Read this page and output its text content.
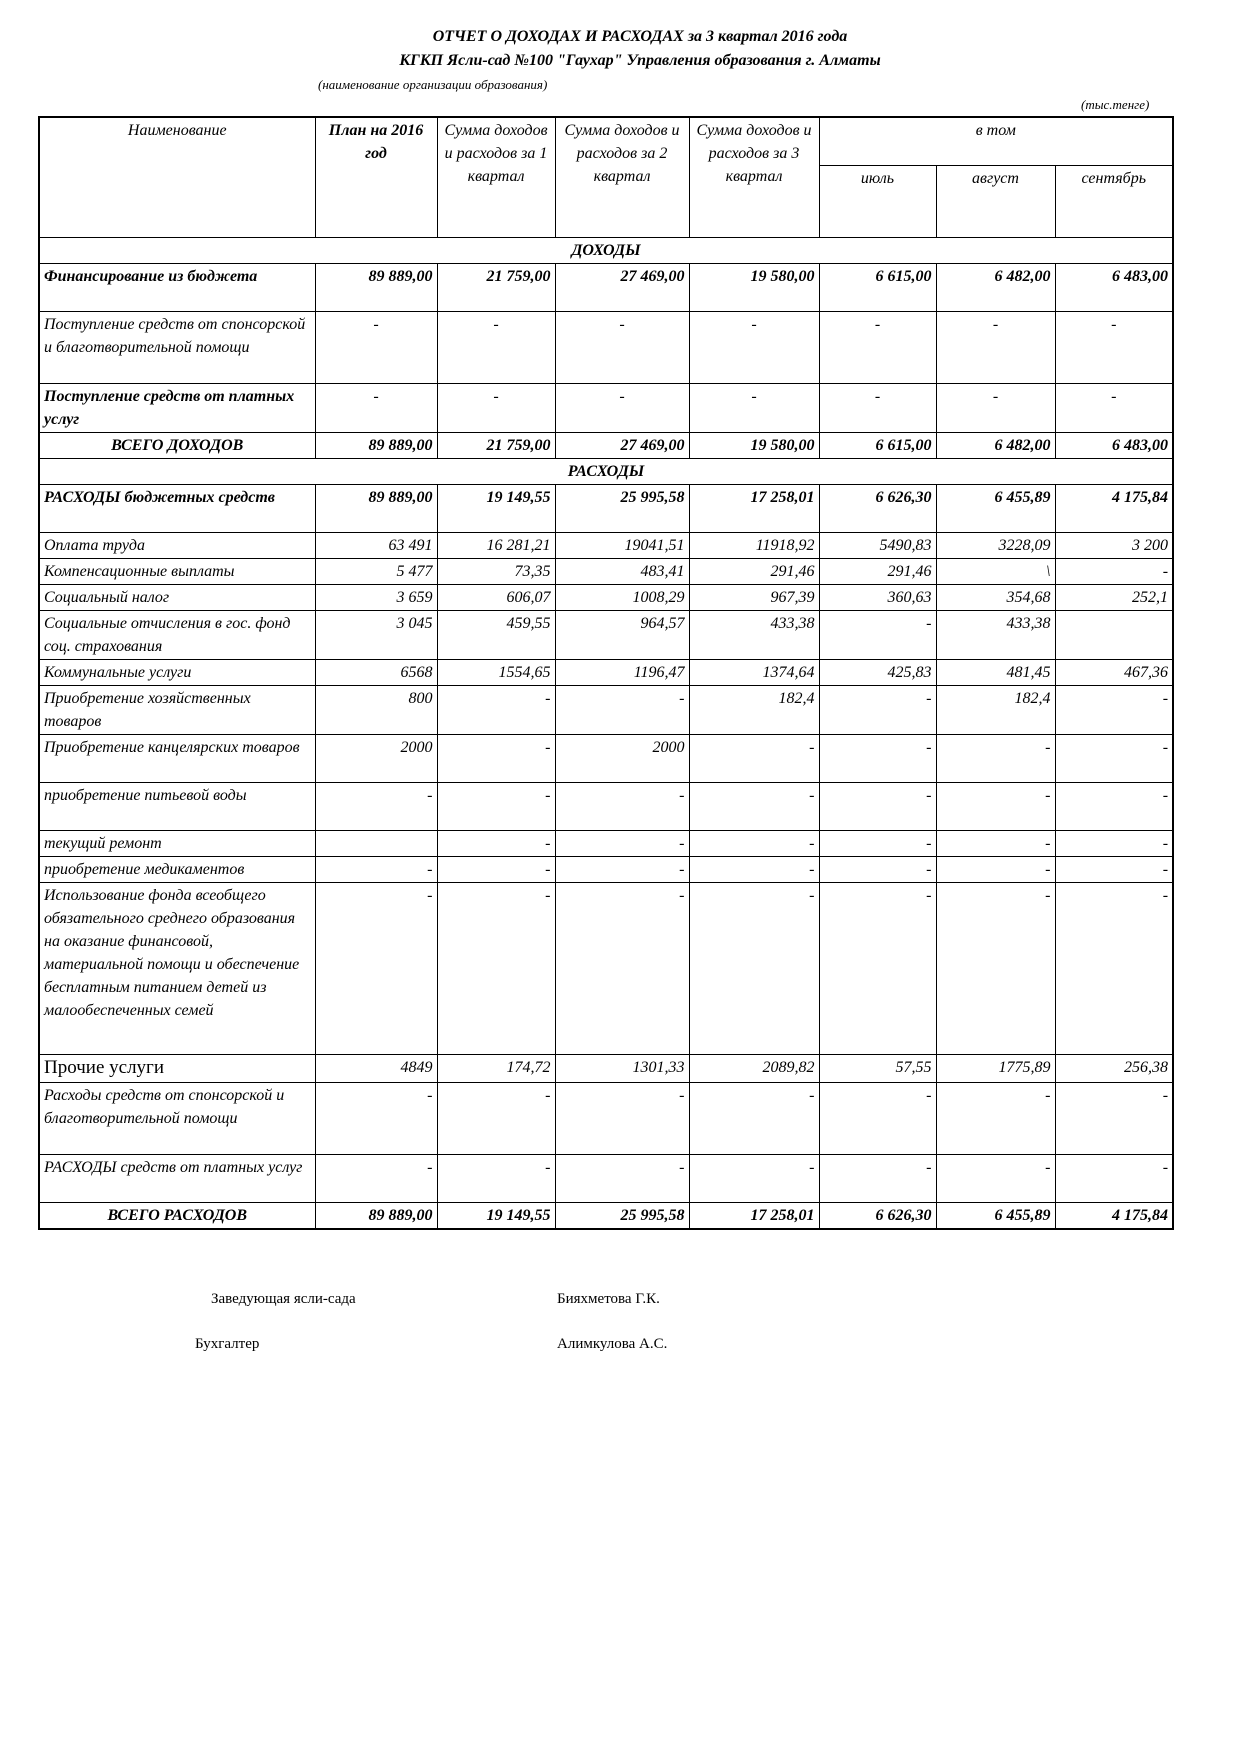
ОТЧЕТ О ДОХОДАХ И РАСХОДАХ за 3 квартал 2016 года
КГКП Ясли-сад №100 "Гаухар" Управления образования г. Алматы
(наименование организации образования)
(тыс.тенге)
Наименование	План на 2016 год	Сумма доходов и расходов за 1 квартал	Сумма доходов и расходов за 2 квартал	Сумма доходов и расходов за 3 квартал	в том		
					июль	август	сентябрь
ДОХОДЫ							
Финансирование из бюджета	89 889,00	21 759,00	27 469,00	19 580,00	6 615,00	6 482,00	6 483,00
Поступление средств от спонсорской и благотворительной помощи	-	-	-	-	-	-	-
Поступление средств от платных услуг	-	-	-	-	-	-	-
ВСЕГО ДОХОДОВ	89 889,00	21 759,00	27 469,00	19 580,00	6 615,00	6 482,00	6 483,00
РАСХОДЫ							
РАСХОДЫ бюджетных средств	89 889,00	19 149,55	25 995,58	17 258,01	6 626,30	6 455,89	4 175,84
Оплата труда	63 491	16 281,21	19041,51	11918,92	5490,83	3228,09	3 200
Компенсационные выплаты	5 477	73,35	483,41	291,46	291,46	\	-
Социальный налог	3 659	606,07	1008,29	967,39	360,63	354,68	252,1
Социальные отчисления в гос. фонд соц. страхования	3 045	459,55	964,57	433,38	-	433,38	
Коммунальные услуги	6568	1554,65	1196,47	1374,64	425,83	481,45	467,36
Приобретение хозяйственных товаров	800	-	-	182,4	-	182,4	-
Приобретение канцелярских товаров	2000	-	2000	-	-	-	-
приобретение питьевой воды	-	-	-	-	-	-	-
текущий ремонт		-	-	-	-	-	-
приобретение медикаментов	-	-	-	-	-	-	-
Использование фонда всеобщего обязательного среднего образования на оказание финансовой, материальной помощи и обеспечение бесплатным питанием детей из малообеспеченных семей	-	-	-	-	-	-	-
Прочие услуги	4849	174,72	1301,33	2089,82	57,55	1775,89	256,38
Расходы средств от спонсорской и благотворительной помощи	-	-	-	-	-	-	-
РАСХОДЫ средств от платных услуг	-	-	-	-	-	-	-
ВСЕГО РАСХОДОВ	89 889,00	19 149,55	25 995,58	17 258,01	6 626,30	6 455,89	4 175,84
Заведующая ясли-сада	Бияхметова Г.К.
Бухгалтер	Алимкулова А.С.
